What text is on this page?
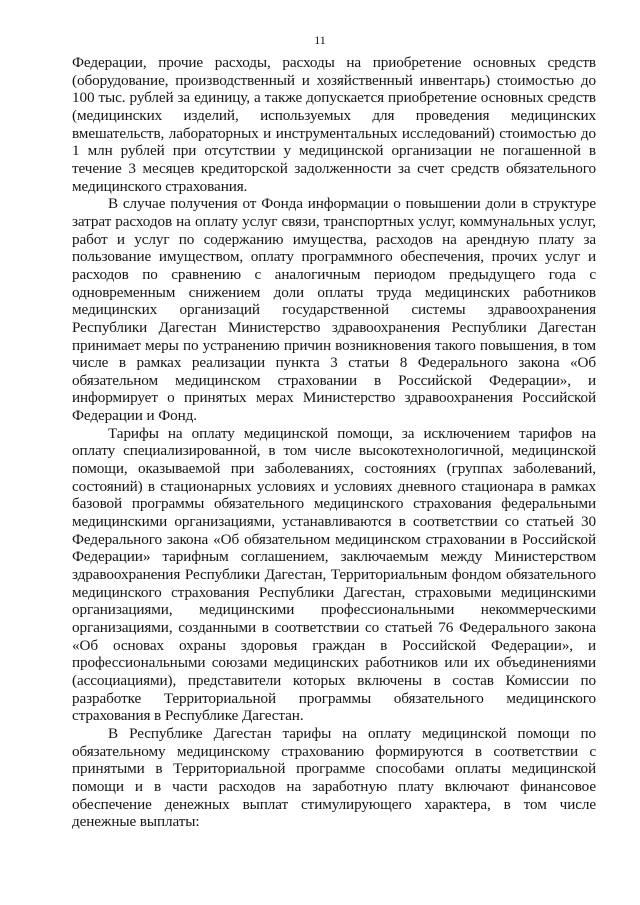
11

Федерации, прочие расходы, расходы на приобретение основных средств (оборудование, производственный и хозяйственный инвентарь) стоимостью до 100 тыс. рублей за единицу, а также допускается приобретение основных средств (медицинских изделий, используемых для проведения медицинских вмешательств, лабораторных и инструментальных исследований) стоимостью до 1 млн рублей при отсутствии у медицинской организации не погашенной в течение 3 месяцев кредиторской задолженности за счет средств обязательного медицинского страхования.

В случае получения от Фонда информации о повышении доли в структуре затрат расходов на оплату услуг связи, транспортных услуг, коммунальных услуг, работ и услуг по содержанию имущества, расходов на арендную плату за пользование имуществом, оплату программного обеспечения, прочих услуг и расходов по сравнению с аналогичным периодом предыдущего года с одновременным снижением доли оплаты труда медицинских работников медицинских организаций государственной системы здравоохранения Республики Дагестан Министерство здравоохранения Республики Дагестан принимает меры по устранению причин возникновения такого повышения, в том числе в рамках реализации пункта 3 статьи 8 Федерального закона «Об обязательном медицинском страховании в Российской Федерации», и информирует о принятых мерах Министерство здравоохранения Российской Федерации и Фонд.

Тарифы на оплату медицинской помощи, за исключением тарифов на оплату специализированной, в том числе высокотехнологичной, медицинской помощи, оказываемой при заболеваниях, состояниях (группах заболеваний, состояний) в стационарных условиях и условиях дневного стационара в рамках базовой программы обязательного медицинского страхования федеральными медицинскими организациями, устанавливаются в соответствии со статьей 30 Федерального закона «Об обязательном медицинском страховании в Российской Федерации» тарифным соглашением, заключаемым между Министерством здравоохранения Республики Дагестан, Территориальным фондом обязательного медицинского страхования Республики Дагестан, страховыми медицинскими организациями, медицинскими профессиональными некоммерческими организациями, созданными в соответствии со статьей 76 Федерального закона «Об основах охраны здоровья граждан в Российской Федерации», и профессиональными союзами медицинских работников или их объединениями (ассоциациями), представители которых включены в состав Комиссии по разработке Территориальной программы обязательного медицинского страхования в Республике Дагестан.

В Республике Дагестан тарифы на оплату медицинской помощи по обязательному медицинскому страхованию формируются в соответствии с принятыми в Территориальной программе способами оплаты медицинской помощи и в части расходов на заработную плату включают финансовое обеспечение денежных выплат стимулирующего характера, в том числе денежные выплаты:
